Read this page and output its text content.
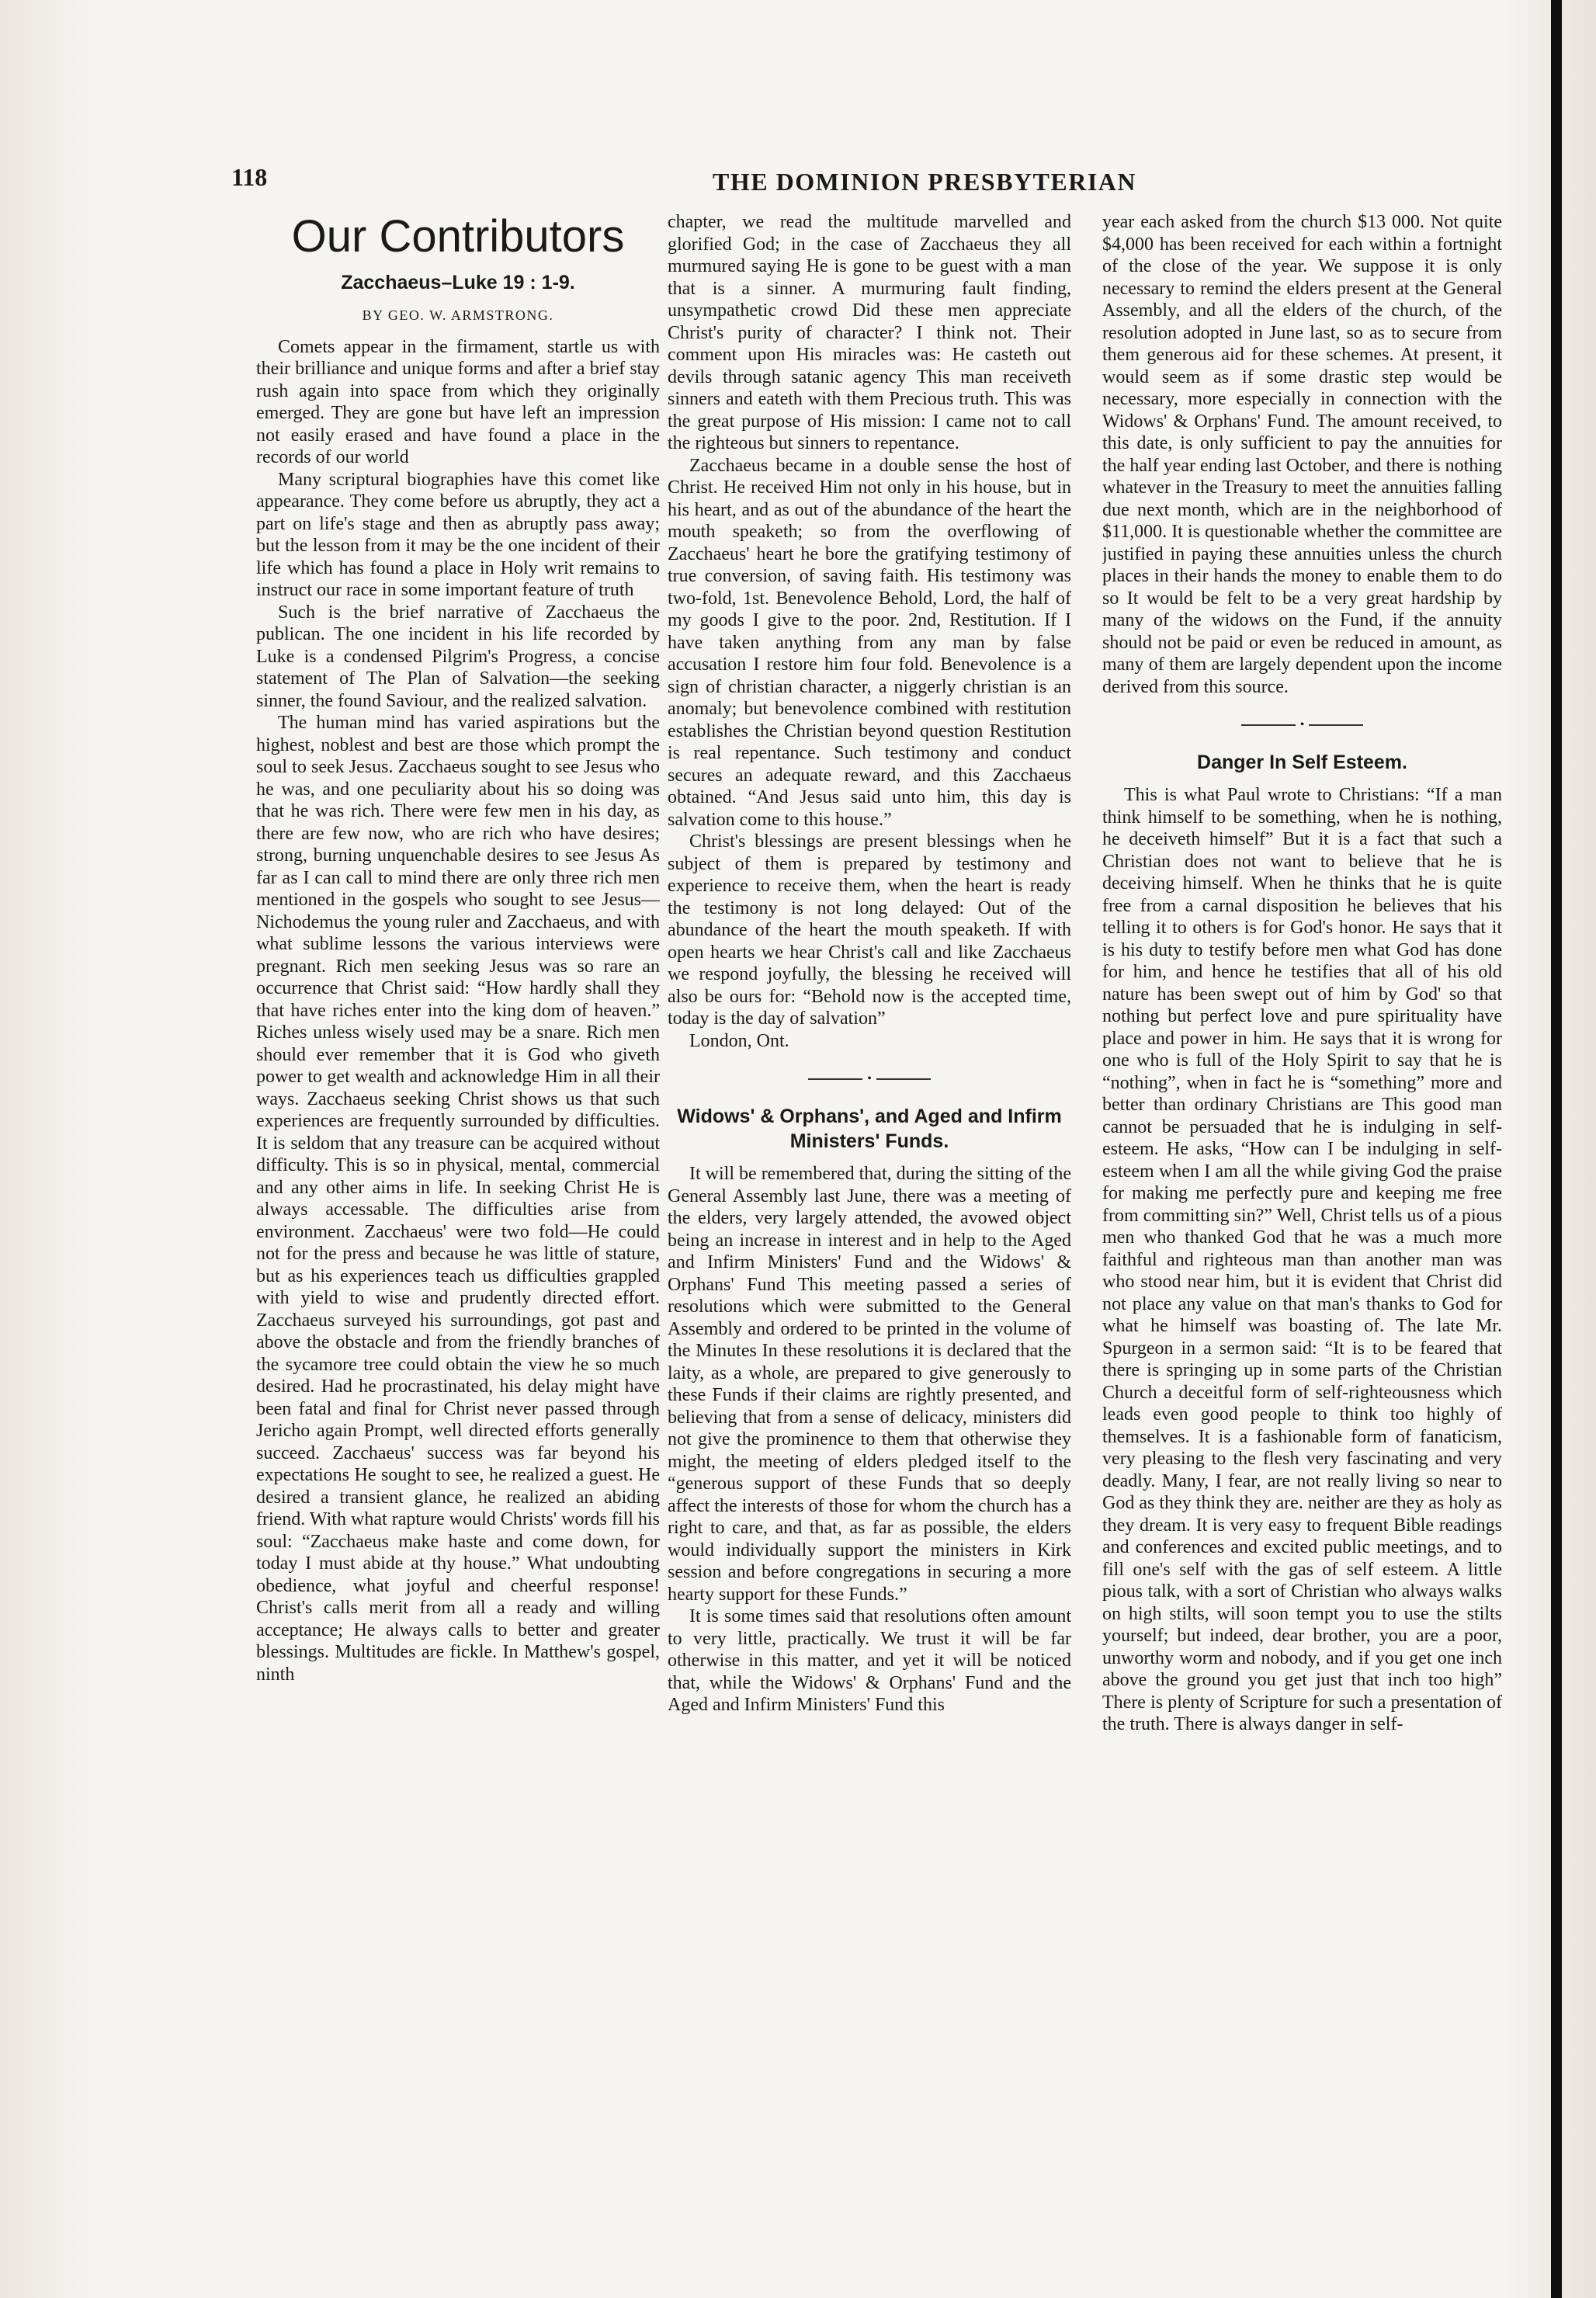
118	THE DOMINION PRESBYTERIAN
Our Contributors
Zacchaeus–Luke 19 : 1-9.
BY GEO. W. ARMSTRONG.

Comets appear in the firmament, startle us with their brilliance and unique forms and after a brief stay rush again into space from which they originally emerged. They are gone but have left an impression not easily erased and have found a place in the records of our world

Many scriptural biographies have this comet like appearance. They come before us abruptly, they act a part on life's stage and then as abruptly pass away; but the lesson from it may be the one incident of their life which has found a place in Holy writ remains to instruct our race in some important feature of truth

Such is the brief narrative of Zacchaeus the publican. The one incident in his life recorded by Luke is a condensed Pilgrim's Progress, a concise statement of The Plan of Salvation—the seeking sinner, the found Saviour, and the realized salvation.

The human mind has varied aspirations but the highest, noblest and best are those which prompt the soul to seek Jesus. Zacchaeus sought to see Jesus who he was, and one peculiarity about his so doing was that he was rich. There were few men in his day, as there are few now, who are rich who have desires; strong, burning unquenchable desires to see Jesus As far as I can call to mind there are only three rich men mentioned in the gospels who sought to see Jesus—Nichodemus the young ruler and Zacchaeus, and with what sublime lessons the various interviews were pregnant. Rich men seeking Jesus was so rare an occurrence that Christ said: “How hardly shall they that have riches enter into the king dom of heaven.” Riches unless wisely used may be a snare. Rich men should ever remember that it is God who giveth power to get wealth and acknowledge Him in all their ways. Zacchaeus seeking Christ shows us that such experiences are frequently surrounded by difficulties. It is seldom that any treasure can be acquired without difficulty. This is so in physical, mental, commercial and any other aims in life. In seeking Christ He is always accessable. The difficulties arise from environment. Zacchaeus' were two fold—He could not for the press and because he was little of stature, but as his experiences teach us difficulties grappled with yield to wise and prudently directed effort. Zacchaeus surveyed his surroundings, got past and above the obstacle and from the friendly branches of the sycamore tree could obtain the view he so much desired. Had he procrastinated, his delay might have been fatal and final for Christ never passed through Jericho again Prompt, well directed efforts generally succeed. Zacchaeus' success was far beyond his expectations He sought to see, he realized a guest. He desired a transient glance, he realized an abiding friend. With what rapture would Christs' words fill his soul: “Zacchaeus make haste and come down, for today I must abide at thy house.” What undoubting obedience, what joyful and cheerful response! Christ's calls merit from all a ready and willing acceptance; He always calls to better and greater blessings. Multitudes are fickle. In Matthew's gospel, ninth

chapter, we read the multitude marvelled and glorified God; in the case of Zacchaeus they all murmured saying He is gone to be guest with a man that is a sinner. A murmuring fault finding, unsympathetic crowd Did these men appreciate Christ's purity of character? I think not. Their comment upon His miracles was: He casteth out devils through satanic agency This man receiveth sinners and eateth with them Precious truth. This was the great purpose of His mission: I came not to call the righteous but sinners to repentance.

Zacchaeus became in a double sense the host of Christ. He received Him not only in his house, but in his heart, and as out of the abundance of the heart the mouth speaketh; so from the overflowing of Zacchaeus' heart he bore the gratifying testimony of true conversion, of saving faith. His testimony was two-fold, 1st. Benevolence Behold, Lord, the half of my goods I give to the poor. 2nd, Restitution. If I have taken anything from any man by false accusation I restore him four fold. Benevolence is a sign of christian character, a niggerly christian is an anomaly; but benevolence combined with restitution establishes the Christian beyond question Restitution is real repentance. Such testimony and conduct secures an adequate reward, and this Zacchaeus obtained. “And Jesus said unto him, this day is salvation come to this house.”

Christ's blessings are present blessings when he subject of them is prepared by testimony and experience to receive them, when the heart is ready the testimony is not long delayed: Out of the abundance of the heart the mouth speaketh. If with open hearts we hear Christ's call and like Zacchaeus we respond joyfully, the blessing he received will also be ours for: “Behold now is the accepted time, today is the day of salvation”

London, Ont.

•
Widows' & Orphans', and Aged and Infirm Ministers' Funds.

It will be remembered that, during the sitting of the General Assembly last June, there was a meeting of the elders, very largely attended, the avowed object being an increase in interest and in help to the Aged and Infirm Ministers' Fund and the Widows' & Orphans' Fund This meeting passed a series of resolutions which were submitted to the General Assembly and ordered to be printed in the volume of the Minutes In these resolutions it is declared that the laity, as a whole, are prepared to give generously to these Funds if their claims are rightly presented, and believing that from a sense of delicacy, ministers did not give the prominence to them that otherwise they might, the meeting of elders pledged itself to the “generous support of these Funds that so deeply affect the interests of those for whom the church has a right to care, and that, as far as possible, the elders would individually support the ministers in Kirk session and before congregations in securing a more hearty support for these Funds.”

It is some times said that resolutions often amount to very little, practically. We trust it will be far otherwise in this matter, and yet it will be noticed that, while the Widows' & Orphans' Fund and the Aged and Infirm Ministers' Fund this

year each asked from the church $13 000. Not quite $4,000 has been received for each within a fortnight of the close of the year. We suppose it is only necessary to remind the elders present at the General Assembly, and all the elders of the church, of the resolution adopted in June last, so as to secure from them generous aid for these schemes. At present, it would seem as if some drastic step would be necessary, more especially in connection with the Widows' & Orphans' Fund. The amount received, to this date, is only sufficient to pay the annuities for the half year ending last October, and there is nothing whatever in the Treasury to meet the annuities falling due next month, which are in the neighborhood of $11,000. It is questionable whether the committee are justified in paying these annuities unless the church places in their hands the money to enable them to do so It would be felt to be a very great hardship by many of the widows on the Fund, if the annuity should not be paid or even be reduced in amount, as many of them are largely dependent upon the income derived from this source.

•
Danger In Self Esteem.

This is what Paul wrote to Christians: “If a man think himself to be something, when he is nothing, he deceiveth himself” But it is a fact that such a Christian does not want to believe that he is deceiving himself. When he thinks that he is quite free from a carnal disposition he believes that his telling it to others is for God's honor. He says that it is his duty to testify before men what God has done for him, and hence he testifies that all of his old nature has been swept out of him by God' so that nothing but perfect love and pure spirituality have place and power in him. He says that it is wrong for one who is full of the Holy Spirit to say that he is “nothing”, when in fact he is “something” more and better than ordinary Christians are This good man cannot be persuaded that he is indulging in self-esteem. He asks, “How can I be indulging in self-esteem when I am all the while giving God the praise for making me perfectly pure and keeping me free from committing sin?” Well, Christ tells us of a pious men who thanked God that he was a much more faithful and righteous man than another man was who stood near him, but it is evident that Christ did not place any value on that man's thanks to God for what he himself was boasting of. The late Mr. Spurgeon in a sermon said: “It is to be feared that there is springing up in some parts of the Christian Church a deceitful form of self-righteousness which leads even good people to think too highly of themselves. It is a fashionable form of fanaticism, very pleasing to the flesh very fascinating and very deadly. Many, I fear, are not really living so near to God as they think they are. neither are they as holy as they dream. It is very easy to frequent Bible readings and conferences and excited public meetings, and to fill one's self with the gas of self esteem. A little pious talk, with a sort of Christian who always walks on high stilts, will soon tempt you to use the stilts yourself; but indeed, dear brother, you are a poor, unworthy worm and nobody, and if you get one inch above the ground you get just that inch too high” There is plenty of Scripture for such a presentation of the truth. There is always danger in self-
